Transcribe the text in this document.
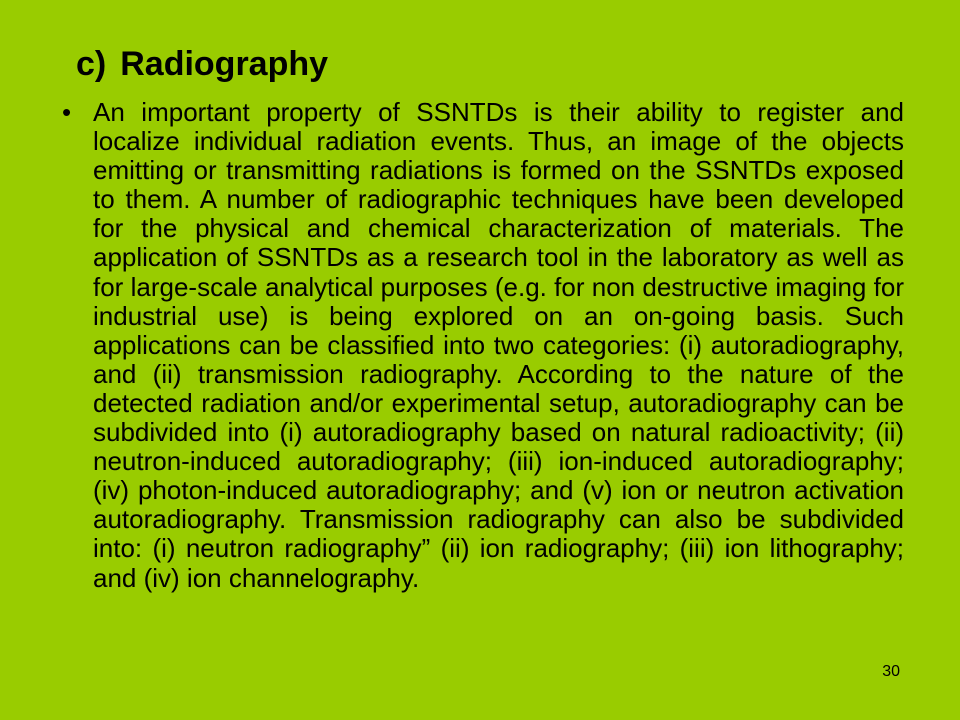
c) Radiography
• An important property of SSNTDs is their ability to register and localize individual radiation events. Thus, an image of the objects emitting or transmitting radiations is formed on the SSNTDs exposed to them. A number of radiographic techniques have been developed for the physical and chemical characterization of materials. The application of SSNTDs as a research tool in the laboratory as well as for large-scale analytical purposes (e.g. for non destructive imaging for industrial use) is being explored on an on-going basis. Such applications can be classified into two categories: (i) autoradiography, and (ii) transmission radiography. According to the nature of the detected radiation and/or experimental setup, autoradiography can be subdivided into (i) autoradiography based on natural radioactivity; (ii) neutron-induced autoradiography; (iii) ion-induced autoradiography; (iv) photon-induced autoradiography; and (v) ion or neutron activation autoradiography. Transmission radiography can also be subdivided into: (i) neutron radiography” (ii) ion radiography; (iii) ion lithography; and (iv) ion channelography.

30
